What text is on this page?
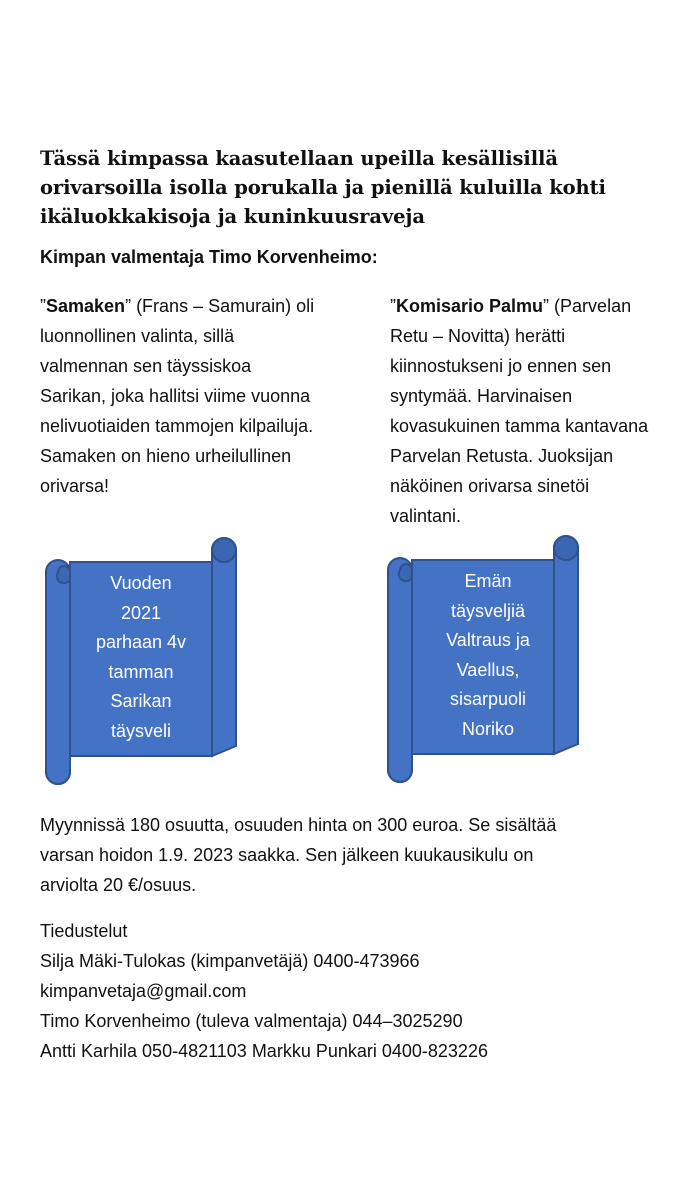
Tässä kimpassa kaasutellaan upeilla kesällisillä
orivarsoilla isolla porukalla ja pienillä kuluilla kohti
ikäluokkakisoja ja kuninkuusraveja

Kimpan valmentaja Timo Korvenheimo:

”Samaken” (Frans – Samurain) oli luonnollinen valinta, sillä valmennan sen täyssiskoa Sarikan, joka hallitsi viime vuonna nelivuotiaiden tammojen kilpailuja. Samaken on hieno urheilullinen orivarsa!

”Komisario Palmu” (Parvelan Retu – Novitta) herätti kiinnostukseni jo ennen sen syntymää. Harvinaisen kovasukuinen tamma kantavana Parvelan Retusta. Juoksijan näköinen orivarsa sinetöi valintani.

Vuoden
2021
parhaan 4v
tamman
Sarikan
täysveli
Emän
täysveljiä
Valtraus ja
Vaellus,
sisarpuoli
Noriko

Myynnissä 180 osuutta, osuuden hinta on 300 euroa. Se sisältää
varsan hoidon 1.9. 2023 saakka. Sen jälkeen kuukausikulu on
arviolta 20 €/osuus.

Tiedustelut
Silja Mäki-Tulokas (kimpanvetäjä) 0400-473966
kimpanvetaja@gmail.com
Timo Korvenheimo (tuleva valmentaja) 044–3025290
Antti Karhila 050-4821103 Markku Punkari 0400-823226
